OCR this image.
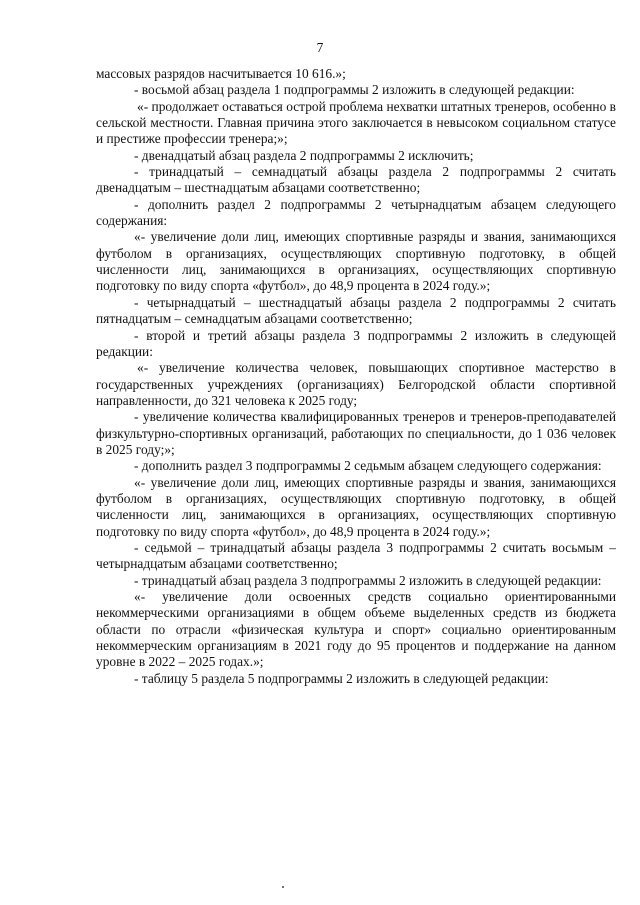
7

массовых разрядов насчитывается 10 616.»;

- восьмой абзац раздела 1 подпрограммы 2 изложить в следующей редакции:

«- продолжает оставаться острой проблема нехватки штатных тренеров, особенно в сельской местности. Главная причина этого заключается в невысоком социальном статусе и престиже профессии тренера;»;

- двенадцатый абзац раздела 2 подпрограммы 2 исключить;

- тринадцатый – семнадцатый абзацы раздела 2 подпрограммы 2 считать двенадцатым – шестнадцатым абзацами соответственно;

- дополнить раздел 2 подпрограммы 2 четырнадцатым абзацем следующего содержания:

«- увеличение доли лиц, имеющих спортивные разряды и звания, занимающихся футболом в организациях, осуществляющих спортивную подготовку, в общей численности лиц, занимающихся в организациях, осуществляющих спортивную подготовку по виду спорта «футбол», до 48,9 процента в 2024 году.»;

- четырнадцатый – шестнадцатый абзацы раздела 2 подпрограммы 2 считать пятнадцатым – семнадцатым абзацами соответственно;

- второй и третий абзацы раздела 3 подпрограммы 2 изложить в следующей редакции:

«- увеличение количества человек, повышающих спортивное мастерство в государственных учреждениях (организациях) Белгородской области спортивной направленности, до 321 человека к 2025 году;

- увеличение количества квалифицированных тренеров и тренеров-преподавателей физкультурно-спортивных организаций, работающих по специальности, до 1 036 человек в 2025 году;»;

- дополнить раздел 3 подпрограммы 2 седьмым абзацем следующего содержания:

«- увеличение доли лиц, имеющих спортивные разряды и звания, занимающихся футболом в организациях, осуществляющих спортивную подготовку, в общей численности лиц, занимающихся в организациях, осуществляющих спортивную подготовку по виду спорта «футбол», до 48,9 процента в 2024 году.»;

- седьмой – тринадцатый абзацы раздела 3 подпрограммы 2 считать восьмым – четырнадцатым абзацами соответственно;

- тринадцатый абзац раздела 3 подпрограммы 2 изложить в следующей редакции:

«- увеличение доли освоенных средств социально ориентированными некоммерческими организациями в общем объеме выделенных средств из бюджета области по отрасли «физическая культура и спорт» социально ориентированным некоммерческим организациям в 2021 году до 95 процентов и поддержание на данном уровне в 2022 – 2025 годах.»;

- таблицу 5 раздела 5 подпрограммы 2 изложить в следующей редакции:
